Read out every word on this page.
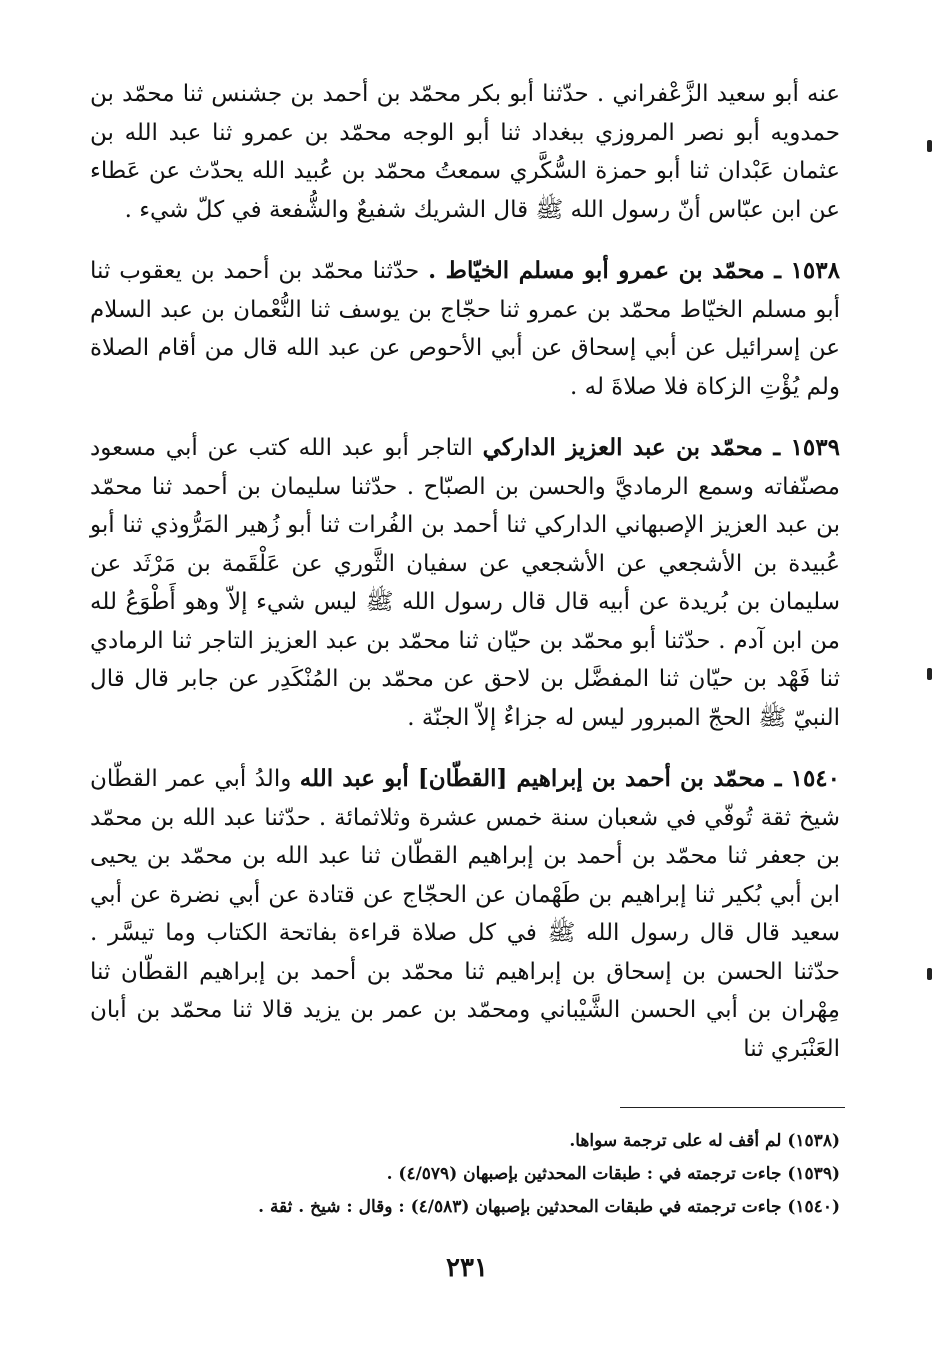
عنه أبو سعيد الزَّعْفراني . حدّثنا أبو بكر محمّد بن أحمد بن جشنس ثنا محمّد بن حمدويه أبو نصر المروزي ببغداد ثنا أبو الوجه محمّد بن عمرو ثنا عبد الله بن عثمان عَبْدان ثنا أبو حمزة السُّكَّري سمعتُ محمّد بن عُبيد الله يحدّث عن عَطاء عن ابن عبّاس أنّ رسول الله ﷺ قال الشريك شفيعٌ والشُّفعة في كلّ شيء .

١٥٣٨ ـ محمّد بن عمرو أبو مسلم الخيّاط . حدّثنا محمّد بن أحمد بن يعقوب ثنا أبو مسلم الخيّاط محمّد بن عمرو ثنا حجّاج بن يوسف ثنا النُّعْمان بن عبد السلام عن إسرائيل عن أبي إسحاق عن أبي الأحوص عن عبد الله قال من أقام الصلاة ولم يُؤْتِ الزكاة فلا صلاةَ له .

١٥٣٩ ـ محمّد بن عبد العزيز الداركي التاجر أبو عبد الله كتب عن أبي مسعود مصنّفاته وسمع الرماديَّ والحسن بن الصبّاح . حدّثنا سليمان بن أحمد ثنا محمّد بن عبد العزيز الإصبهاني الداركي ثنا أحمد بن الفُرات ثنا أبو زُهير المَرُّوذي ثنا أبو عُبيدة بن الأشجعي عن الأشجعي عن سفيان الثَّوري عن عَلْقَمة بن مَرْثَد عن سليمان بن بُريدة عن أبيه قال قال رسول الله ﷺ ليس شيء إلاّ وهو أَطْوَعُ لله من ابن آدم . حدّثنا أبو محمّد بن حيّان ثنا محمّد بن عبد العزيز التاجر ثنا الرمادي ثنا فَهْد بن حيّان ثنا المفضَّل بن لاحق عن محمّد بن المُنْكَدِر عن جابر قال قال النبيّ ﷺ الحجّ المبرور ليس له جزاءٌ إلاّ الجنّة .

١٥٤٠ ـ محمّد بن أحمد بن إبراهيم [القطّان] أبو عبد الله والدُ أبي عمر القطّان شيخ ثقة تُوفّي في شعبان سنة خمس عشرة وثلاثمائة . حدّثنا عبد الله بن محمّد بن جعفر ثنا محمّد بن أحمد بن إبراهيم القطّان ثنا عبد الله بن محمّد بن يحيى ابن أبي بُكير ثنا إبراهيم بن طَهْمان عن الحجّاج عن قتادة عن أبي نضرة عن أبي سعيد قال قال رسول الله ﷺ في كل صلاة قراءة بفاتحة الكتاب وما تيسَّر . حدّثنا الحسن بن إسحاق بن إبراهيم ثنا محمّد بن أحمد بن إبراهيم القطّان ثنا مِهْران بن أبي الحسن الشَّيْباني ومحمّد بن عمر بن يزيد قالا ثنا محمّد بن أبان العَنْبَري ثنا

(١٥٣٨) لم أقف له على ترجمة سواها.

(١٥٣٩) جاءت ترجمته في : طبقات المحدثين بإصبهان (٤/٥٧٩) .

(١٥٤٠) جاءت ترجمته في طبقات المحدثين بإصبهان (٤/٥٨٣) : وقال : شيخ . ثقة .

٢٣١
